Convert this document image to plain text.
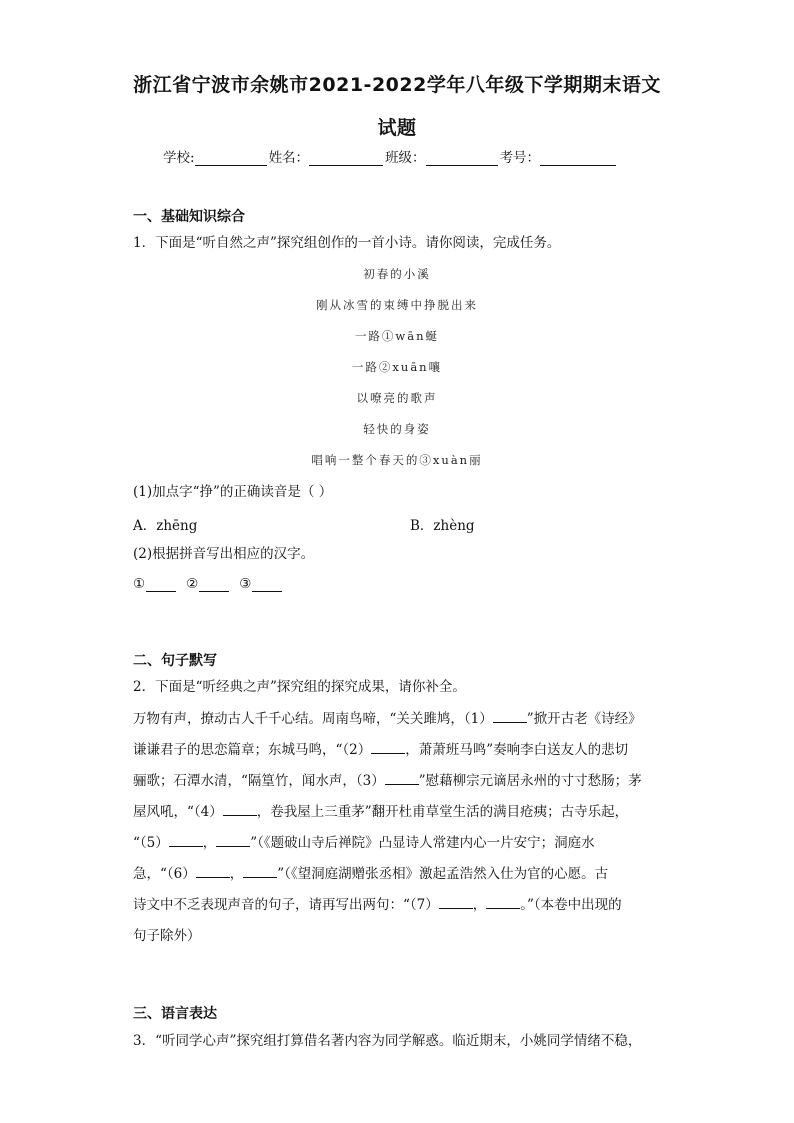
浙江省宁波市余姚市2021-2022学年八年级下学期期末语文
试题
学校:	姓名：	班级：	考号：
一、基础知识综合
1．下面是“听自然之声”探究组创作的一首小诗。请你阅读，完成任务。
初春的小溪
刚从冰雪的束缚中挣脱出来
一路①wān蜒
一路②xuān嚷
以嘹亮的歌声
轻快的身姿
唱响一整个春天的③xuàn丽
(1)加点字“挣”的正确读音是（ ）
A．zhēng	B．zhèng
(2)根据拼音写出相应的汉字。
①	②	③
二、句子默写
2．下面是“听经典之声”探究组的探究成果，请你补全。
万物有声，撩动古人千千心结。周南鸟啼，“关关雎鸠，（1）	”掀开古老《诗经》
谦谦君子的思恋篇章；东城马鸣，“（2）	，萧萧班马鸣”奏响李白送友人的悲切
骊歌；石潭水清，“隔篁竹，闻水声，（3）	”慰藉柳宗元谪居永州的寸寸愁肠；茅
屋风吼，“（4）	，卷我屋上三重茅”翻开杜甫草堂生活的满目疮痍；古寺乐起，
“（5）	，	”（《题破山寺后禅院》凸显诗人常建内心一片安宁；洞庭水
急，“（6）	，	”（《望洞庭湖赠张丞相》激起孟浩然入仕为官的心愿。古
诗文中不乏表现声音的句子，请再写出两句：“（7）	，	。”（本卷中出现的
句子除外）
三、语言表达
3．“听同学心声”探究组打算借名著内容为同学解惑。临近期末，小姚同学情绪不稳，
